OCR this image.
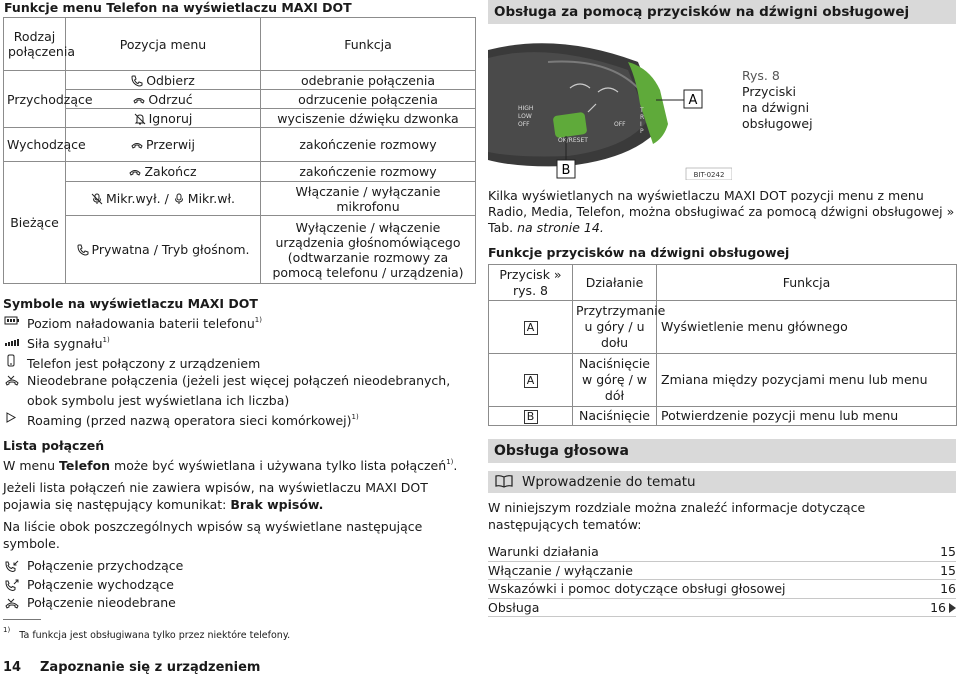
Funkcje menu Telefon na wyświetlaczu MAXI DOT
Rodzaj połączenia	Pozycja menu	Funkcja
Przychodzące	Odbierz	odebranie połączenia

Odrzuć	odrzucenie połączenia

Ignoruj	wyciszenie dźwięku dzwonka
Wychodzące	Przerwij	zakończenie rozmowy
Bieżące	Zakończ	zakończenie rozmowy

Mikr.wył. /
Mikr.wł.	Włączanie / wyłączanie mikrofonu

Prywatna / Tryb głośnom.	Wyłączenie / włączenie urządzenia głośnomówiącego (odtwarzanie rozmowy za pomocą telefonu / urządzenia)
Symbole na wyświetlaczu MAXI DOT
Poziom naładowania baterii telefonu$^{1)}$
Siła sygnału$^{1)}$
Telefon jest połączony z urządzeniem
Nieodebrane połączenia (jeżeli jest więcej połączeń nieodebranych, obok symbolu jest wyświetlana ich liczba)
Roaming (przed nazwą operatora sieci komórkowej)$^{1)}$
Lista połączeń

W menu Telefon może być wyświetlana i używana tylko lista połączeń$^{1)}$.

Jeżeli lista połączeń nie zawiera wpisów, na wyświetlaczu MAXI DOT pojawia się następujący komunikat: Brak wpisów.

Na liście obok poszczególnych wpisów są wyświetlane następujące symbole.

Połączenie przychodzące
Połączenie wychodzące
Połączenie nieodebrane
Obsługa za pomocą przycisków na dźwigni obsługowej
HIGH
LOW
OFF
OK/RESET
OFF
T
R
I
P
A
B	BIT-0242
Rys. 8
Przyciski na dźwigni obsługowej

Kilka wyświetlanych na wyświetlaczu MAXI DOT pozycji menu z menu Radio, Media, Telefon, można obsługiwać za pomocą dźwigni obsługowej » Tab. na stronie 14.

Funkcje przycisków na dźwigni obsługowej
Przycisk » rys. 8	Działanie	Funkcja
A	Przytrzymanie u góry / u dołu	Wyświetlenie menu głównego
A	Naciśnięcie w górę / w dół	Zmiana między pozycjami menu lub menu
B	Naciśnięcie	Potwierdzenie pozycji menu lub menu
Obsługa głosowa
Wprowadzenie do tematu

W niniejszym rozdziale można znaleźć informacje dotyczące następujących tematów:

Warunki działania	15
Włączanie / wyłączanie	15
Wskazówki i pomoc dotyczące obsługi głosowej	16
Obsługa	16
$^{1)}$ Ta funkcja jest obsługiwana tylko przez niektóre telefony.
14 Zapoznanie się z urządzeniem
